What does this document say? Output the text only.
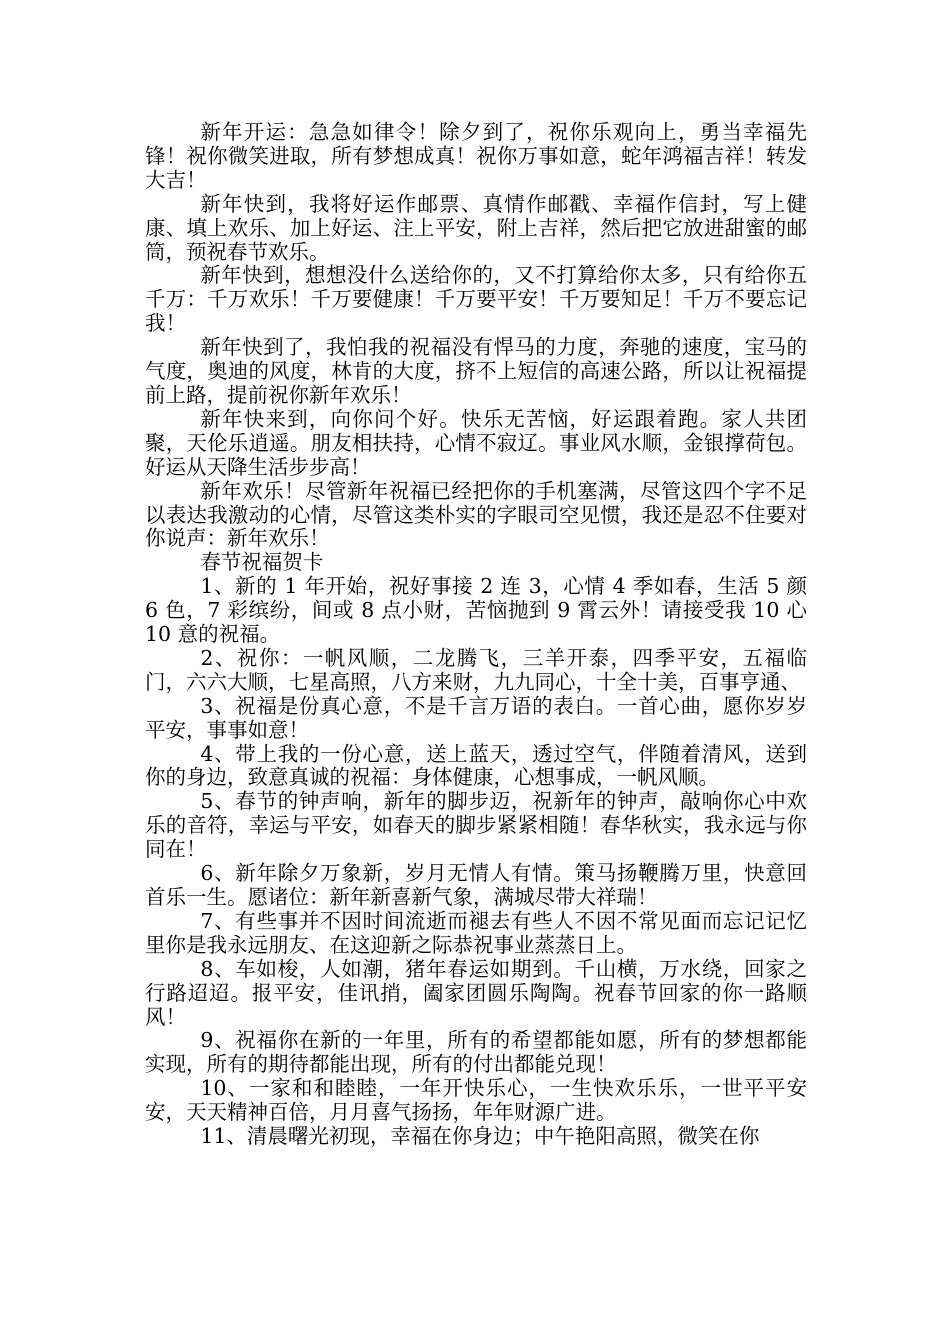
新年开运：急急如律令！除夕到了，祝你乐观向上，勇当幸福先锋！祝你微笑进取，所有梦想成真！祝你万事如意，蛇年鸿福吉祥！转发大吉！

新年快到，我将好运作邮票、真情作邮戳、幸福作信封，写上健康、填上欢乐、加上好运、注上平安，附上吉祥，然后把它放进甜蜜的邮筒，预祝春节欢乐。

新年快到，想想没什么送给你的，又不打算给你太多，只有给你五千万：千万欢乐！千万要健康！千万要平安！千万要知足！千万不要忘记我！

新年快到了，我怕我的祝福没有悍马的力度，奔驰的速度，宝马的气度，奥迪的风度，林肯的大度，挤不上短信的高速公路，所以让祝福提前上路，提前祝你新年欢乐！

新年快来到，向你问个好。快乐无苦恼，好运跟着跑。家人共团聚，天伦乐逍遥。朋友相扶持，心情不寂辽。事业风水顺，金银撑荷包。好运从天降生活步步高！

新年欢乐！尽管新年祝福已经把你的手机塞满，尽管这四个字不足以表达我激动的心情，尽管这类朴实的字眼司空见惯，我还是忍不住要对你说声：新年欢乐！

春节祝福贺卡

1、新的 1 年开始，祝好事接 2 连 3，心情 4 季如春，生活 5 颜 6 色，7 彩缤纷，间或 8 点小财，苦恼抛到 9 霄云外！请接受我 10 心 10 意的祝福。

2、祝你：一帆风顺，二龙腾飞，三羊开泰，四季平安，五福临门，六六大顺，七星高照，八方来财，九九同心，十全十美，百事亨通、

3、祝福是份真心意，不是千言万语的表白。一首心曲，愿你岁岁平安，事事如意！

4、带上我的一份心意，送上蓝天，透过空气，伴随着清风，送到你的身边，致意真诚的祝福：身体健康，心想事成，一帆风顺。

5、春节的钟声响，新年的脚步迈，祝新年的钟声，敲响你心中欢乐的音符，幸运与平安，如春天的脚步紧紧相随！春华秋实，我永远与你同在！

6、新年除夕万象新，岁月无情人有情。策马扬鞭腾万里，快意回首乐一生。愿诸位：新年新喜新气象，满城尽带大祥瑞！

7、有些事并不因时间流逝而褪去有些人不因不常见面而忘记记忆里你是我永远朋友、在这迎新之际恭祝事业蒸蒸日上。

8、车如梭，人如潮，猪年春运如期到。千山横，万水绕，回家之行路迢迢。报平安，佳讯捎，阖家团圆乐陶陶。祝春节回家的你一路顺风！

9、祝福你在新的一年里，所有的希望都能如愿，所有的梦想都能实现，所有的期待都能出现，所有的付出都能兑现！

10、一家和和睦睦，一年开快乐心，一生快欢乐乐，一世平平安安，天天精神百倍，月月喜气扬扬，年年财源广进。

11、清晨曙光初现，幸福在你身边；中午艳阳高照，微笑在你
